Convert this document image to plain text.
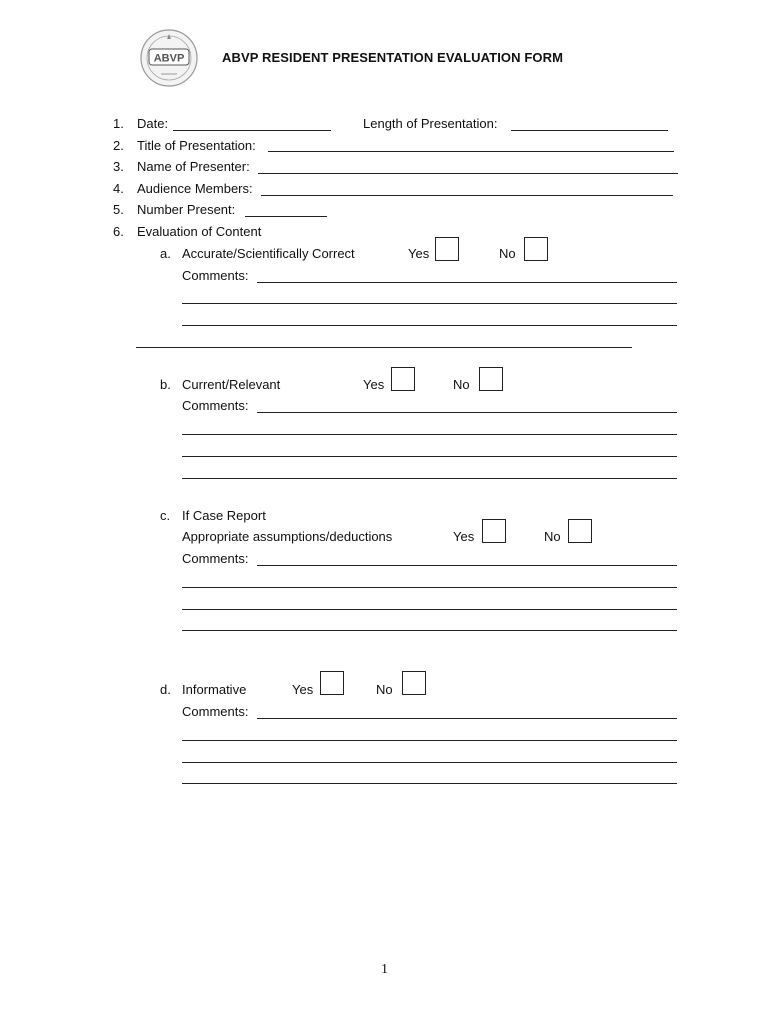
ABVP	ABVP RESIDENT PRESENTATION EVALUATION FORM
1. Date:	Length of Presentation:
2. Title of Presentation:
3. Name of Presenter:
4. Audience Members:
5. Number Present:
6. Evaluation of Content
a. Accurate/Scientifically Correct	Yes	No
Comments:
b. Current/Relevant	Yes	No
Comments:
c. If Case Report
Appropriate assumptions/deductions	Yes	No
Comments:
d. Informative	Yes	No
Comments:
1
